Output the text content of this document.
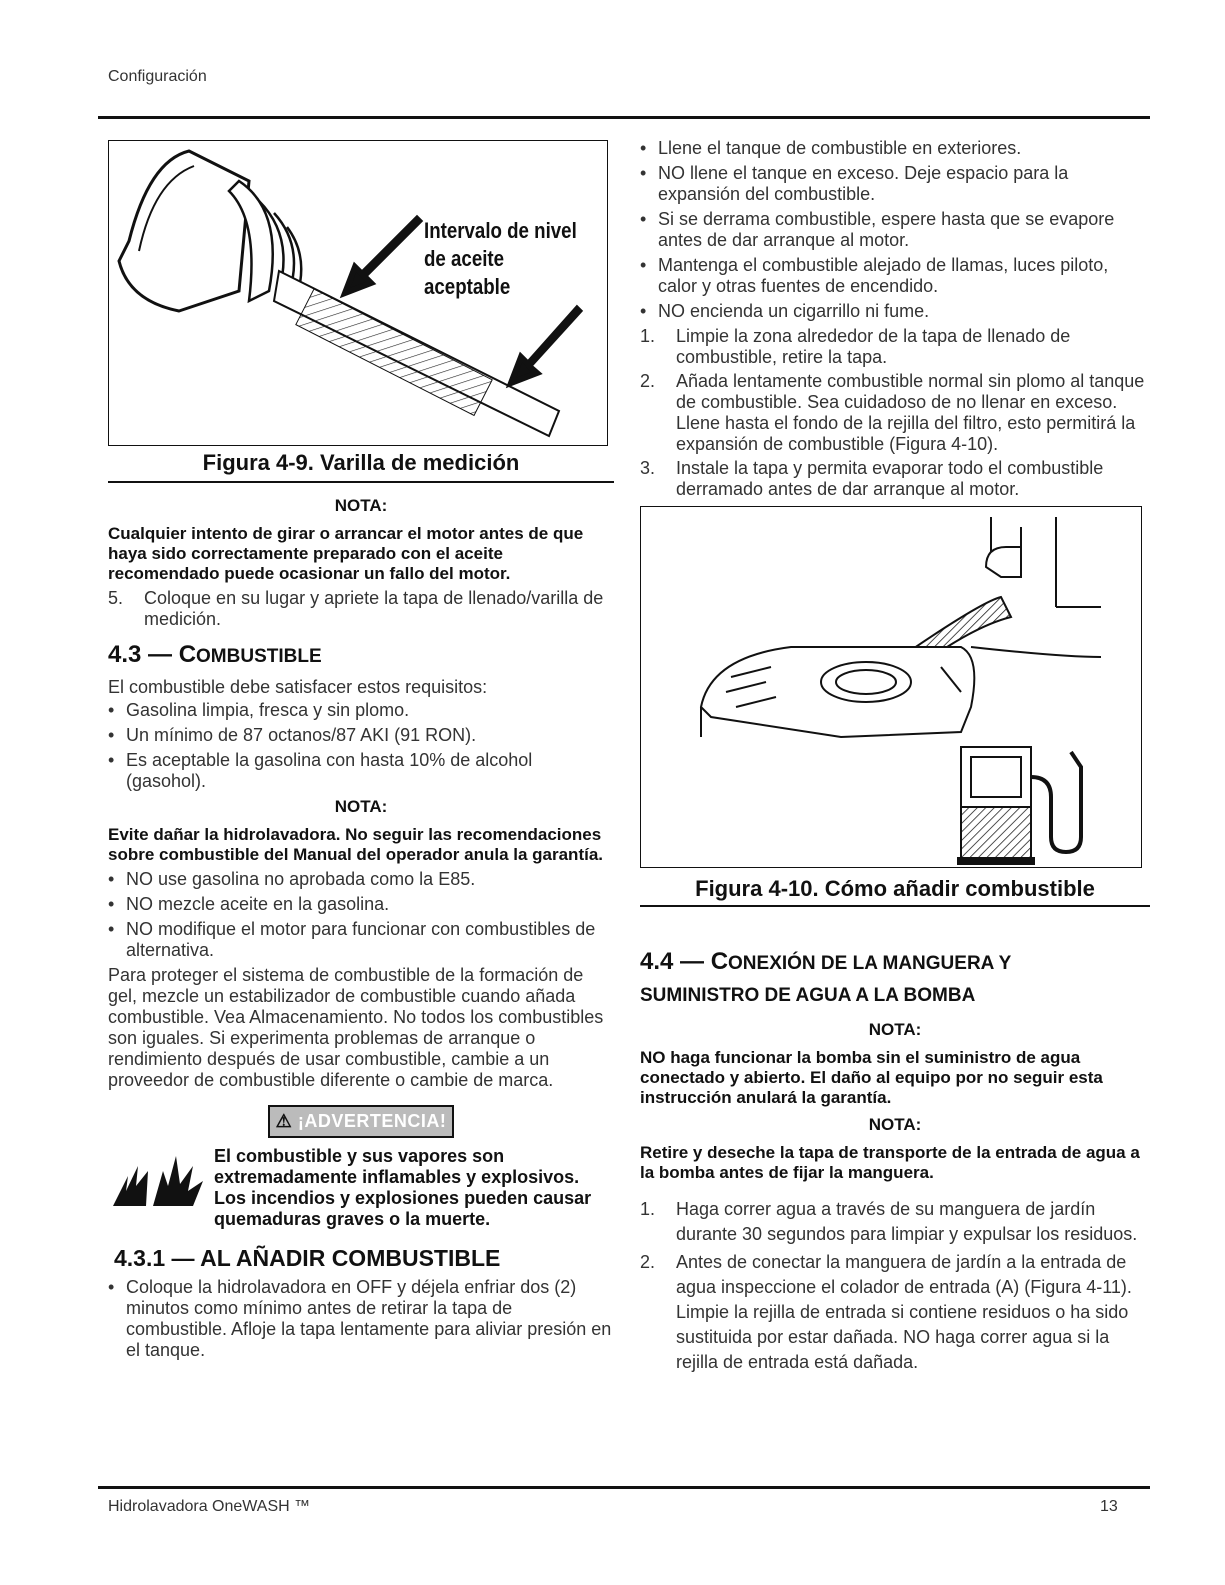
Configuración
Intervalo de nivel
de aceite aceptable
Figura 4-9. Varilla de medición
NOTA:

Cualquier intento de girar o arrancar el motor antes de que haya sido correctamente preparado con el aceite recomendado puede ocasionar un fallo del motor.

5. Coloque en su lugar y apriete la tapa de llenado/varilla de medición.
4.3 — COMBUSTIBLE

El combustible debe satisfacer estos requisitos:

• Gasolina limpia, fresca y sin plomo.
• Un mínimo de 87 octanos/87 AKI (91 RON).
• Es aceptable la gasolina con hasta 10% de alcohol (gasohol).
NOTA:

Evite dañar la hidrolavadora. No seguir las recomendaciones sobre combustible del Manual del operador anula la garantía.

• NO use gasolina no aprobada como la E85.
• NO mezcle aceite en la gasolina.
• NO modifique el motor para funcionar con combustibles de alternativa.

Para proteger el sistema de combustible de la formación de gel, mezcle un estabilizador de combustible cuando añada combustible. Vea Almacenamiento. No todos los combustibles son iguales. Si experimenta problemas de arranque o rendimiento después de usar combustible, cambie a un proveedor de combustible diferente o cambie de marca.

⚠ ¡ADVERTENCIA!

El combustible y sus vapores son extremadamente inflamables y explosivos. Los incendios y explosiones pueden causar quemaduras graves o la muerte.

4.3.1 — AL AÑADIR COMBUSTIBLE
• Coloque la hidrolavadora en OFF y déjela enfriar dos (2) minutos como mínimo antes de retirar la tapa de combustible. Afloje la tapa lentamente para aliviar presión en el tanque.
• Llene el tanque de combustible en exteriores.
• NO llene el tanque en exceso. Deje espacio para la expansión del combustible.
• Si se derrama combustible, espere hasta que se evapore antes de dar arranque al motor.
• Mantenga el combustible alejado de llamas, luces piloto, calor y otras fuentes de encendido.
• NO encienda un cigarrillo ni fume.
1. Limpie la zona alrededor de la tapa de llenado de combustible, retire la tapa.
2. Añada lentamente combustible normal sin plomo al tanque de combustible. Sea cuidadoso de no llenar en exceso. Llene hasta el fondo de la rejilla del filtro, esto permitirá la expansión de combustible (Figura 4-10).
3. Instale la tapa y permita evaporar todo el combustible derramado antes de dar arranque al motor.
Figura 4-10. Cómo añadir combustible
4.4 — CONEXIÓN DE LA MANGUERA Y
SUMINISTRO DE AGUA A LA BOMBA
NOTA:

NO haga funcionar la bomba sin el suministro de agua conectado y abierto. El daño al equipo por no seguir esta instrucción anulará la garantía.

NOTA:

Retire y deseche la tapa de transporte de la entrada de agua a la bomba antes de fijar la manguera.

1. Haga correr agua a través de su manguera de jardín durante 30 segundos para limpiar y expulsar los residuos.
2. Antes de conectar la manguera de jardín a la entrada de agua inspeccione el colador de entrada (A) (Figura 4-11). Limpie la rejilla de entrada si contiene residuos o ha sido sustituida por estar dañada. NO haga correr agua si la rejilla de entrada está dañada.
Hidrolavadora OneWASH ™	13
